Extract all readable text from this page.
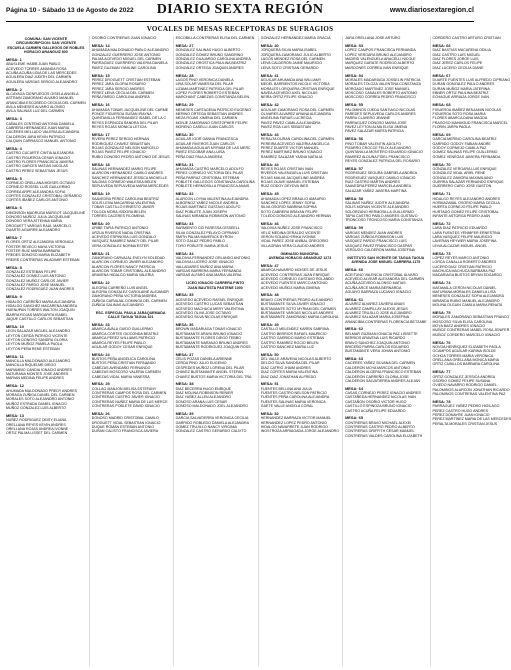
Página 10 - Sábado 13 de Agosto de 2022	DIARIO SEXTA REGIÓN	www.diariosextaregion.cl
VOCALES DE MESAS RECEPTORAS DE SUFRAGIOS
COMUNA: SAN VICENTE
CIRCUNSCRIPCION: SAN VICENTE
ESCUELA CARMEN GALLEGOS DE ROBLES
HORACIO ARANGUIZ 800
MESA: 1
ABUSLEME HABIB JUAN PABLO
ACEVEDO TORRES AMANDA ROSA
ACUÑA ACUÑA LIDIA DE LAS MERCEDES
AGUILERA DIAZ JUDITH DEL CARMEN
AGUILERA VARGAS SERGIO ALEJANDRO
MESA: 2
ALCAYAGA CIENFUEGOS GISELA ANGELA
ASTRAIN ZAMORANO ALVARO MANUEL
ARANCIBIA ESCOBEDO CECILIA DEL CARMEN
AVILA MENESES ALVARO ALONSO
AVILA SALINAS LUZ DEL CARMEN
MESA: 3
CAÑALES CENTENO ANTONIA DANIELA
CABRERA HERNANDEZ JUAN MARIA
CACERES MELLADO VALERIA ALEJANDRA
CALDERON JARA KEVIN PATRICIO
CALQUIN CARRASCO MANUEL ANTONIO
MESA: 4
CASTRO CUCARTE CINTIA ALEJANDRA
CASTRO FIGUEROA CESAR IGNACIO
CASTRO FLORES FRANCISCA JAVIERA
CASTRO GARCES MATIAS NICOLAS
CASTRO PEREZ SEBASTIAN JESUS
MESA: 5
CORNEJO ORELLANA MOISES OCTAVIO
CORNEJO ROSSEL LUIS GUILLERMO
CORREA ARPE ALEJANDRA SOFIA
CORTES GONZALEZ CRISTOBAL GERARDO
CORTES IBAÑEZ CARLOS ANTONIO
MESA: 6
DIMONSON MADRUGA MARGOT JACQUELINE
DONOSO MUÑOZ JULIA JACQUELINE
DONOSO VERA ATTENNA MARIA
DROGUETT VARGAS RAUL MARCELO
DUARTE AGUIRRE ALEJANDRO
MESA: 7
FLORES ORTIZ ALEJANDRA VERONICA
FOSTER REVECO MAYA VICTORIA
FOSTER RUIZ MARIA BARBARA
FREDES DONOSO MARIA ELIZABETH
FREIRE CONTRERAS WLADIMIR ESTEBAN
MESA: 8
GONZALEZ ESTEBAN FELIPE
GONZALEZ GOMEZ LUIS ANTONIO
GONZALEZ MUÑOZ CARLOS JAVIER
GONZALEZ PARDO JOSE MANUEL
GONZALEZ RODRIGUEZ JUAN ANDRES
MESA: 9
HIDALGO CARREÑO MARIA ALEJANDRA
HIDALGO SANCHEZ MACARENA ANDREA
HUENUPAN TORRES WALTON JOAQUIN
IBARRA ROJAS MARGARITA ISABEL
JAQUE CASTILLO CARLOS SEBASTIAN
MESA: 10
LEON SALAZAR MIGUEL ALEJANDRO
LEYTON CERDA PATRICIO VICENTE
LEYTON DONOSO SANDRA GLORIA
LEYTON MUÑOZ PAMELA PAOLA
LEYTON PEÑA RENE ESTEBAN
MESA: 11
MANCILLA MALDONADO ALEJANDRO
MANCILLA RIQUELME DIEGO
MARAMBIO CANDIA IGNACIO ANDRES
MATURANA MONTES JOSE ANDRES
MARIAN MEDINA FELIPE ANDRES
MESA: 12
AHUMADA MALDONADO PREDY ANDRES
MORAGA ZUÑIGA DANIEL DEL CARMEN
MORALES SOTO ALEJANDRO ANTONIO
MUÑOZ ESTRADA DANIEL IGNACIO
MUÑOZ GONZALEZ LUIS ALBERTO
MESA: 13
NUÑEZ RODRIGUEZ DEISY ELIANA
ORELLANA REYES KEVIN ANDRES
ORELLANA ROJAS ANDREA IVONNE
ORTIZ PALMA LISSET DEL CARMEN
OSORIO CONTRERAS JUAN IGNACIO
MESA: 14
AHUMADA MALDONADO PABLO ALEJANDRO
GONZALEZ GUERRERO JOSE ANTONIO
PALMA ACEVEDO MIGUEL DEL CARMEN
PARRAGUEZ GUERRERO VALERIA DANIELA
PAVEZ GUZMAN YANILINE CAROLINA
MESA: 15
PEREZ DROGUETT CRISTIAN ESTEBAN
PEREZ JARA GLORIA ROSARIO
PEREZ JARA SERGIO ANDRES
PEREZ LEIVA CECILIA DEL CARMEN
PEÑA PARDO CAROLINA ANDREA
MESA: 16
AHUMADA TOBAR JACQUELINE DEL CARME
PONCE FIGUEROA SUSAN IRAYNA
QUINTANILLA FERNANDEZ ISABEL DE LA C
REYES ESPINOZA SANDRA DEL PILAR
REYES ROJAS MONICA LETICIA
MESA: 17
RIVERA PEREZ SERGIO HERNAN
RODRIGUEZ CHAVEZ SEBASTIAN
ROJAS GONZALEZ NELSON MARCELO
ROJAS PAVEZ FELIPE IGNACIO
RUBIO DONOSO PEDRO ANTONIO DE JESUS
MESA: 18
SALINAS HERNANDEZ MARIO FELIPE
ALARCON HERNANDEZ CAMILO ANDRES
SANCHEZ HERNANDEZ JESSICA MICHELLE
SALDIAS CORNEJO WALESKA BELEN
SEPULVEDA SEPULVEDA MARIA MERCEDES
MESA: 19
SAAVEDRA PEREZ CAROLINA BEATRIZ
SOLIS LEIVA MACARENA VALENTINA
TOBAR CASTILLO ERNESTO JAVIER
TOLOZA MORA ISIDORA BELEN
TORRES CACERES FILOMENA
MESA: 20
URIBE TAPIA PATRICIO ANTONIO
URZUA RIVEROS NADIA CRISTINA
ACEVEDO ESPINOSA LUIS GONZALO
VASQUEZ RAMIREZ NANCY DEL PILAR
VERA GONZALEZ NORMA ESTER
MESA: 21
ZAMORANO CARVAJAL EVELYN SOLEDAD
ALARCON CORNEJO JAVIER ALEJANDRO
ALARCON FLORES NANCY PATRICIA
ALARCON TOBAR CRISTOBAL ALEJANDRO
ARAVENA HIDALGO MARIA VALERIA
MESA: 22
ALEGRIA CARREÑO LUIS ANGEL
ALEGRIA GONZALEZ CAROLAINE ALEJANDR
ZAMORANO PEÑA VICTORIA ANDREA
ZUÑIGA CARVAJAL DOMINGA DEL CARMEN
ZUÑIGA SALINAS ALEJANDRO
ESC. ESPECIAL PAULA JARAQUEMADA
CALLE TAGUA TAGUA 321
MESA: 23
ABARCA AVALA GUIDO GUILLERMO
ABARCA CORTES GIOCONDA BEATRIZ
ABARCA PEREZ WILLIAMS PATRICIO
ABARCA REYES FELIPE PABLO
AGUILAR GODOY CESAR ENRIQUE
MESA: 24
BUSTOS PEÑA ANGELICA CAROLINA
BUSTOS PEÑA CRISTIAN FERNANDO
CABEZAS AVENDAÑO FERNANDO
CABEZAS MOSCOSO VALERIA CARMEN
CABEZAS VIDAL MARIA VANESSA
MESA: 25
COLLAO MANJON MELISA ESTEFANY
CONTRERAS CAMPOS ROSA DEL CARMEN
CONTRERAS CASTRO JAVIER IGNACIO
CONTRERAS NUÑEZ MARIA DE LAS MERCE
CONTRERAS POBLETE DAVID IGNACIO
MESA: 26
DONOSO MADRID CRISTOBAL CAMILO
DROGUETT VIDAL SEBASTIAN IGNACIO
DUQUE ROMAN ESTEBAN ANTONIO
DURAN CALISTO FRANCISCA JAVIERA
ESCOBILLA CONTRERAS ELISA DEL CARMEN
MESA: 27
GONZALEZ SALINAS HUGO ALBERTO
GONZALEZ GOMEZ BRUNO SANDRINO
GONZALEZ GUAJARDO CAROLINA ANDREA
GONZALEZ OROSTICA PAULINA BEATRIZ
GONZALEZ ORTEGA JOAQUIN ANDRES
MESA: 28
LAGOS PINO VERONICA DANIELA
LIRA SOLAR VANESSA DEL PILAR
LIZAMA MARTINEZ PATRICIA DEL PILAR
LOPEZ FLORES ROBERTO ESTEBAN
MARCHANT CABEZAS CONSTANZA BELEN
MESA: 29
MENESES CARTAGENA PATRICIO EUGENIO
MERINO ORTEGA SEBASTIAN ANDRES
MEZA ROJAS XIMENA DEL CARMEN
MONJE ZAMORANO CRISTOPHER FELIPE
MORENO CASELLI JUAN CARLOS
MESA: 30
AGUILAR IGOR DANNA FRANCESCA
AGUILAR RIVEROS JUAN CARLOS
AHUMADA AGUILAR MYRIAM DE LAS MERC
PAVEZ ESCOBAR ANA LUISA
PEÑA DIAZ PAULA ANDREA
MESA: 31
AHUMADA CASTRO MARCELO ADOLFO
PEREZ CORNEJO VICTORIA DEL PILAR
PEÑA PARRAZ CRISTOBAL ESTEBAN
POBLETE GALLEGOS CONSTANZA CAROLINA
POBLETE HERMOSILLA FRANCISCA ANAIS
MESA: 32
ALARCON LOYNA VALENTINA ALEJANDRA
ALBORNOZ YAÑEZ NICOLE ANDREA
ROJAS MARTINEZ GUSTAVO ADOLFO
DIAZ POBLETE JUAN JOSEPH
SALINAS MIRANDA ROBINSON ANTONIO
MESA: 33
SARMIENTO CID FARESSA GISSEELL
SILVA GONZALEZ PELAYO CIPRIANO
SMITH PALMA MAVERICK BYRON
SOTO GALAZ PEDRO PABLO
TORO POBLETE MARIA JESUS
MESA: 34
VALDIVIA FERNANDEZ ORLANDO ANTONIO
VALDIVIA LUCERO JOSE IGNACIO
VALLADARES MUÑOZ ANA MARIA
VARGAS BARRERA MARIA FERNANDA
VARGAS ALFARO ANA MARIA VALERIA
LICEO IGNACIO CARRERA PINTO
JUAN BAUTISTA PASTENE 1000
MESA: 35
ACEVEDO ACEVEDO RAFAEL ENRIQUE
ACEVEDO CASTRO LUCAS SEBASTIAN
ACEVEDO MACHUCA MERY VALENTINA
ACEVEDO OLIVA JOSE OCTAVIO
ACEVEDO SILVA NICOLAS ENRIQUE
MESA: 36
BROWN MADARIAGA TOMAS IGNACIO
BUSTAMANTE ARAYA BRUNO IGNACIO
BUSTAMANTE FLORES DIEGO TEBBO
BUSTAMANTE NARANJO BRUNO ANDRES
BUSTAMANTE RODRIGUEZ JOAQUIN ROSS
MESA: 37
CELIS POZAS DANIELA ARIENNE
CERDA PINO JULIO EUGENIO
CESPEDES MUÑOZ LORENA DEL PILAR
CHAVEZ BUSTAMANTE ANGEL STEFAN
CHAVEZ BUSTOS MARIA VICTORIA DEL TRA
MESA: 38
DIAZ BECERRA HUGO ENRIQUE
DIAZ MOLINA ROBINSON RENIER
DIAZ YAÑEZ ALLEN ALEJANDRO
DONOSO ARANA LUIS CESAR
DONOSO MALDONADO JOEL ALEJANDRO
MESA: 39
GARCIA SALVATIERRA VERONICA CECILIA
GARRIDO ROBLEDO DANIELA ALEJANDRA
GOMEZ TRUJILLO NANCY VIRGINIA
GONZALEZ CASTRO GERARDO CALIXTO
GONZALEZ HERNANDEZ MARIA GRACIA
MESA: 40
JORQUERA SILVA MARIA ISABEL
JORQUERA ZAMORANO JULIO ALBERTO
LAGOS MENDEZ ROSA DEL CARMEN
LEIVA CALDERON JAIME MAURICIO
LEIVA SOTO CRISTIAN GERARDO
MESA: 41
AGUILAR AHUMADA ANA WILLIAMY
MEDEL BARRIENTOS NICOLE VICTORIA
MORALES LORQUERA CRISTIAN ENRIQUE
NAVEA ACEVEDO AXEL NICOLAS
NEIRA ORTIZ FELIPE IGNACIO
MESA: 42
AGUILAR ZAMORANO ROSA DEL CARMEN
OLIVARES ALVAREZ ARIANA ALEJANDRA
ANGELINA FARIAS LUCRECIA
PAVEZ PAVEZ CAMILA ALEJANDRA
PAVEZ ROA LUIS SEBASTIAN
MESA: 43
PERALTA DURAN CAROLINA DEL CARMEN
PEREIRA ACEVEDO VALERIA ANGELICA
PEREZ DUARTE VICTOR MANUEL
PEREZ MARTINEZ BRUNO IGNACIO
RAMIREZ SALAZAR YASNA NATALIA
MESA: 44
REYES ROJAS CRISTIAN IVAN
RIVEROS VALENZUELA LUIS CRISTIAN
ROJAS MALVA JACQUELINE ANDREA
ROJAS OLAVE MANUEL ESTEBAN
RUIZ GODOY DEYDVA INES
MESA: 45
AHUMADA LOPEZ BRAULIO AMAURIO
SANCHEZ LOPEZ JENNY SOFIA
SILVA OSORIO SABRINA SOPHIA
SOTO CABRERA BRAYAN FELIPE
TOLEDO DONOSO ALEJANDRO HERNAN
MESA: 46
VALDIVIA NUÑEZ JOSE FRANCISCO
VELIZ MEDINA GERALDO VICENTE
VERON SOLANO ERIKA IVONNE
VIDAL PAREZ JOSE ANIBAL GREGORIO
VILLAGRAN VERA CLAUDIO ANDRES
GIMNASIO MUNICIPAL
AVENIDA HORACIO ARANGUIZ 1273
MESA: 47
ABARCA NAVARRO MOISES DE JESUS
ACEVEDO CONTRERAS JUAN ENRIQUE
ACEVEDO CORNEJO GUSTAVO ROLANDO
ACEVEDO FUENTES MARCO ANTONIO
ACEVEDO MUÑOZ MARIA GIMENA
MESA: 48
BRAVO CONTRERAS PEDRO ALEJANDRO
BUSTAMANTE SILVA JAVIER IGNACIO
BUSTAMANTE SOTO MYRIAM DEL CARMEN
BUSTAMANTE VARGAS NICOLAS ANDRES
BUSTAMANTE ZAMORANO MARIA CAROLINA
MESA: 49
CASTILLO MELENDEZ KAREN SABRINA
CASTRO BERRIOS RAFAEL MAURICIO
CASTRO GARRIDO MARIO ESTEBAN
CASTRO RAMIREZ ROCIO BELEN
CASTRO SANCHEZ MARIA LUZ
MESA: 50
DEL VALLE ARAVENA NICOLAS ALBERTO
DELCIO SILVA SANDRA DEL PILAR
DIAZ CATRIO JHAIM ANDRES
DIAZ CORTES MARIA VALENTINA
DIAZ DIAZ JONATHAN ALFREDO
MESA: 51
FUENTES BELLINA ANA JULIA
FUENTES CASTRO NELSON PATRICIO
FUENTES PEÑA CAROLINA ALEJANDRA
FUENTES SALINAS MARIA VERONICA
GAETE VALLE ANGELA CORAL
MESA: 52
HERNANDEZ BARRAZA VICTOR MANUEL
HERNANDEZ LOPEZ PEDRO ANTONIO
HIDALGO NAVARRETE JUAN RODRIGO
INOSTROZA ARRIAGADA JORGE ALEJANDRO
JARA ORELLANA JOSE ARTURO
MESA: 53
LOPEZ CAMPOS FRANCISCA FERNANDA
LOPEZ VERGARA BRUNO ALEJANDRO
MADRID VALENZUELA ARACELLI NICOLE
MARQUEZ GARATE RODRIGO ALBERTO
MARDONES CORREA IVAN ENRIQUE
MESA: 54
MORALES MADARIAGA JOSSELIN PATRICIA
MORALES TOLOZA VALENTINA CONSTANZA
MORGADO MARTINEZ JOSE MANUEL
MOSCOSO CANALES ROBERTO ANTONIO
MOSCOSO CORREA PEDRO FRANCISCO
MESA: 55
PALOMINOS OJEDA SANTIAGO NICOLAS
PAREDES SEPULVEDA CARLOS ANDRES
PARRA CLAVERO JEANNE
PARRAGUEZ DONOSO MARIA JOSE
PAVEZ LEYTON ALMA ELISA JIMENA
PAVEZ SALAZAR MARTA PATRICIA
MESA: 56
PINO TOBAR VALENTIN ADOLFO
PIZARRO CROCCE FELIX ALEJANDRO
QUINTANILLA MONTERO EDUARDO IGNACIO
RAMIREZ ALDUNA FIDEL FRANCISCO
REYES GONZALEZ PATRICIA DEL ROSARIO
MESA: 57
RODRIGUEZ SEGURA GABRIELA ANDREA
RODRIGUEZ VASQUEZ CAMILO IGNACIO
RUIZ CASTRO MARTIN ANDRES
SAAVEDRA PEREZ MARCELA ANDREA
SALAZAR YAÑEZ JAVIERA MARTINA
MESA: 58
SALINAS NUÑEZ JUDITH ALEJANDRA
SOLIS MORAN VICENTE ALEJANDRO
SOLORZANO HERMOSILLA GUILLERMO
TAPIA CASTRO PABLO ANDRES GUSTAVO
TRONCOSO TRONCOSO MARIA CONSTANZA
MESA: 59
VARGAS MENDEZ JUAN ANDRES
VARGAS ZUÑIGA ROBINSON LUIS
VASQUEZ PARDO FRANCISCO LUIS
VASQUEZ PAVEZ FRANCISCO GASPAR
VERDUGO CALDERON MARIA JOSEFINA
INSTITUTO SAN VICENTE DE TAGUA TAGUA
AVENIDA JOSE MIGUEL CARRERA 1175
MESA: 60
ACEITUNO VALENCIA CRISTOBAL ALVARO
ACEVEDO ALVEAR ALEXANDRA DEL CARMEN
ACUÑA ACEVEDO ALONSO MATIAS
ACUÑA ARCE MARIA BERNARDA
AGUAYO BARRAZA LUCIANO IGNACIO
MESA: 61
ALVAREZ ALVAREZ JAVIERA ANAIS
ALVAREZ CAMPILLAY ALEXIS JESUS
ALVAREZ TRUJILLO JOSE ALEJANDRO
ALVAREZ SALAZAR MARIA JOSEFINA
ARANCIBIA CONTRERAS FLORENCIA BETZABE
MESA: 62
BELMAR GUZMAN IGNACIA PAZ LISSETTE
BERRIOS ARAVENA LUIS RICARDO
BRAVO SANCHEZ JOAQUIN ANTONIO
BRICEÑO PARRA CARLOS EDUARDO
BUSTAMANTE VERA JOHAN ANTONIO
MESA: 63
CACERES YAÑEZ SILVANA DEL CARMEN
CALDERON MOYA MARCOS ANTONIO
CALDERON ALGERIA FRANCISCO ESTEBAN
CALDERON CARREÑO GLORIA JOSE
CALDERON SALVATIERRA ANDRES ALEJAN
MESA: 64
CASAS CORNEJO PEREZ IGNACIO ANDRES
CASTAÑEDA HERNANDEZ NICOLAS IVAN
CASTAÑON OSORIO VICTOR HUGO
CASTILLO ESPINOZA BRUNO IGNACIO
CASTRO ACUÑA FELIPE EDUARDO
MESA: 65
CONTRERAS BRAVO MICHAEL ALEXEI
CONTRERAS CASTRO PEDRO ALBERTO
CONTRERAS GRIFFITH CESAR MANUEL
CONTRERAS VALDES CAROLINA ELIZABETH
CORDERO CASTRO ARTURO CRISTIAN
MESA: 66
DIAZ BASTIAS MACARENA ODILIA
DIAZ CASTRO LUIS MIGUEL
DIAZ FLORES JORGE LUIS
DIAZ JEREZ CARLOS FELIPE
DIAZ LUCERO CECILIA DIANE
MESA: 67
DUARTE FUENTES LUIS ALFREDO CIPRIANO
DURAN GONZALEZ PAULO ANDRES
DURAN MUÑOZ MARIA JATERINA
EBNER ORTIZ PAULINA BEATRIZ
ECHAGUE ARRIAZA JORGE IVAN
MESA: 68
FIGUEROA IBAÑEZ BENJAMIN NICOLAS
FIGUEROA SOTO ROSA MARIA
FLORES ABARCA DANA MAGDA
FRAGOSO MAHMOUD FRANCISCA MARCEL
FLORIN JARPA PAOLA
MESA: 69
GARCIA MERINO CAROLINA BEATRIZ
GARRIDO GODOY FABIAN ANDRE
GODOY CORNEJO CAMILA PAZ
GOMEZ SALINAS FELIPE GUILLERMO
GOMEZ VENEGAS JAVIERA FERNANDA
MESA: 70
GONZALEZ VERGARA LUIS ENRIQUE
GONZALEZ VIDAL ARIEL RENE
GONZALEZ ZAMORA MAXIMILIANO
GUERRA SALAZAR FERNANDO ENRIQUE
GUERRERO CARO JOSE GASTON
MESA: 71
HIDALGO REYES ALEJANDRO ANDRES
HORMAZABAL OSORIO MARIA CECILIA
HUERTA CORNEJO FELIPE PABLO
HURTADO GOMEZ FELIPE CRISTOBAL
INFANTE ASTORGA PEDRO JUAN
MESA: 72
LARA DIAZ PATRICIO EDUARDO
LARA FUENTES YENNIFER ERNESTINA
LARA VASQUEZ FELIPE MAURICIO
LAVERAN HEYWER MARIA JOSEFINA
LEIVA ALCAZAR MIGUEL ANGEL
MESA: 73
LOPEZ REYES MARCO ANTONIO
LORCA CANALLA ROBERTO ANDRES
LUCERO DIAZ CRISTIAN PATRICIO
MACHUCA MACHUCA BARBARA PAZ
MADARIAGA BUSTOS BRYAN EDGARDO
MESA: 74
MATAMALA CERON NICOLAS DANIEL
MATURANA MORALES DANIELA LISA
MENESES GONZALEZ SOFIA ALEJANDRA
MIRANDA RUBIO MANUEL ALEJANDRO
MOLINA OLGUIN CAMILA MARIA RENATA
MESA: 75
MORALES ZAMORANO SEBASTIAN FRANCO
MOSCOSO SILVA ELISA CAROLINA
MOYA BAEZ ANDRES IGNACIO
MUÑOZ CONTRERAS MABEL ROSA JENIFER
MUÑOZ CORDERO MARCELO IGNACIO
MESA: 76
NOVOA HENRIQUEZ ELIZABETH PAOLA
OCAMPOS AGUILAR KARINA ISOLDE
OCHOA TORRES MARIA VERONICA
ORELLANA ORELLANA MONICA MARIA
ORTIZ CUBILLOS BARBARA CAROLINA
MESA: 77
ORTIZ GONZALEZ JESSICA ANDREA
OSORIO GOMEZ FELIPE SUSANA
OVIEDO NAVARRO RODRIGO DANIEL
PALOMINOS ALARCON JONATHAN RICARDO
PALOMINOS CONTRERAS VALENTINA PAZ
MESA: 78
PARRAGUEZ YAÑEZ PEDRO HIGILAGO
PEREZ CASTRO HUGO ANDRES
PEREZ DONAYRE JUAN IGNACIO
PEREZ MARTINEZ MARIA DE LAS MERCEDES
PERALTA MORALES CRISTIAN JESUS
